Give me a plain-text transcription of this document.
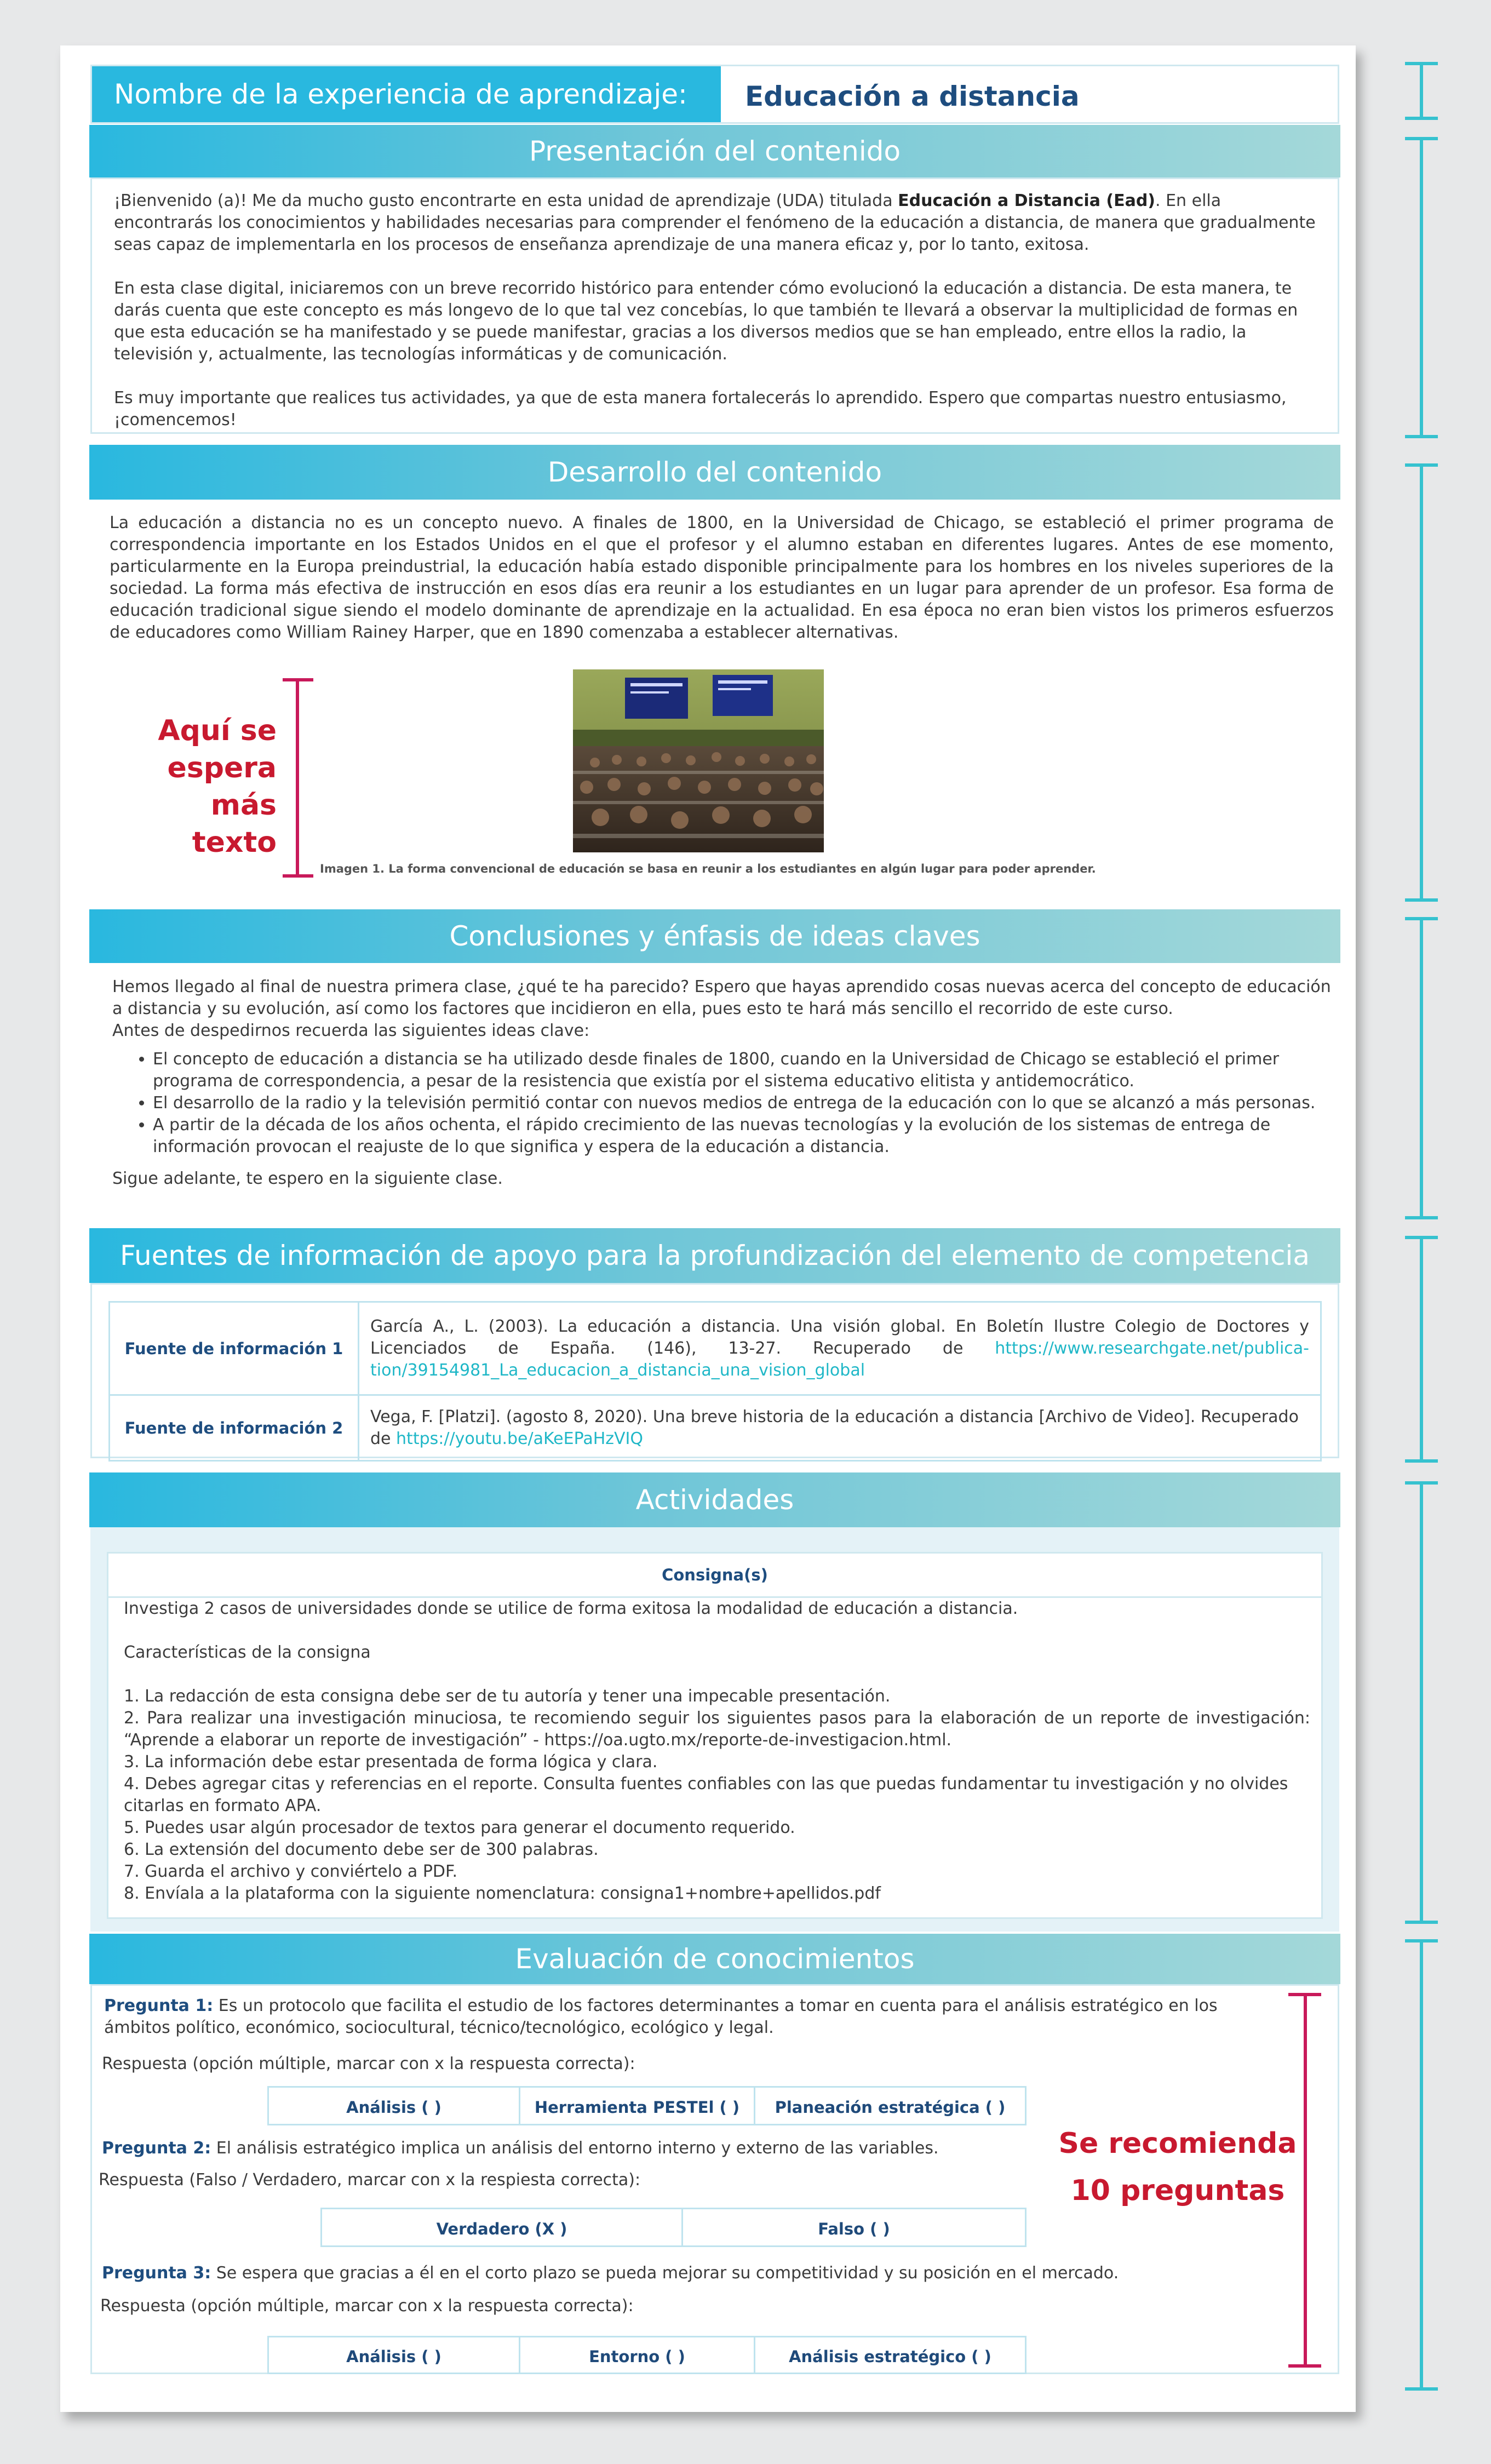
Nombre de la experiencia de aprendizaje:	Educación a distancia
Presentación del contenido

¡Bienvenido (a)! Me da mucho gusto encontrarte en esta unidad de aprendizaje (UDA) titulada Educación a Distancia (Ead). En ella encontrarás los conocimientos y habilidades necesarias para comprender el fenómeno de la educación a distancia, de manera que gradualmente seas capaz de implementarla en los procesos de enseñanza aprendizaje de una manera eficaz y, por lo tanto, exitosa.

En esta clase digital, iniciaremos con un breve recorrido histórico para entender cómo evolucionó la educación a distancia. De esta manera, te darás cuenta que este concepto es más longevo de lo que tal vez concebías, lo que también te llevará a observar la multiplicidad de formas en que esta educación se ha manifestado y se puede manifestar, gracias a los diversos medios que se han empleado, entre ellos la radio, la televisión y, actualmente, las tecnologías informáticas y de comunicación.

Es muy importante que realices tus actividades, ya que de esta manera fortalecerás lo aprendido. Espero que compartas nuestro entusiasmo, ¡comencemos!

Desarrollo del contenido

La educación a distancia no es un concepto nuevo. A finales de 1800, en la Universidad de Chicago, se estableció el primer programa de correspondencia importante en los Estados Unidos en el que el profesor y el alumno estaban en diferentes lugares. Antes de ese momento, particularmente en la Europa preindustrial, la educación había estado disponible principalmente para los hombres en los niveles superiores de la sociedad. La forma más efectiva de instrucción en esos días era reunir a los estudiantes en un lugar para aprender de un profesor. Esa forma de educación tradicional sigue siendo el modelo dominante de aprendizaje en la actualidad. En esa época no eran bien vistos los primeros esfuerzos de educadores como William Rainey Harper, que en 1890 comenzaba a establecer alternativas.

Imagen 1. La forma convencional de educación se basa en reunir a los estudiantes en algún lugar para poder aprender.
Aquí se espera más texto
Conclusiones y énfasis de ideas claves

Hemos llegado al final de nuestra primera clase, ¿qué te ha parecido? Espero que hayas aprendido cosas nuevas acerca del concepto de educación a distancia y su evolución, así como los factores que incidieron en ella, pues esto te hará más sencillo el recorrido de este curso.

Antes de despedirnos recuerda las siguientes ideas clave:

• El concepto de educación a distancia se ha utilizado desde finales de 1800, cuando en la Universidad de Chicago se estableció el primer programa de correspondencia, a pesar de la resistencia que existía por el sistema educativo elitista y antidemocrático.
• El desarrollo de la radio y la televisión permitió contar con nuevos medios de entrega de la educación con lo que se alcanzó a más personas.
• A partir de la década de los años ochenta, el rápido crecimiento de las nuevas tecnologías y la evolución de los sistemas de entrega de información provocan el reajuste de lo que significa y espera de la educación a distancia.

Sigue adelante, te espero en la siguiente clase.

Fuentes de información de apoyo para la profundización del elemento de competencia
Fuente de información 1	García A., L. (2003). La educación a distancia. Una visión global. En Boletín Ilustre Colegio de Doctores y Licenciados de España. (146), 13-27. Recuperado de https://www.researchgate.net/publica-tion/39154981_La_educacion_a_distancia_una_vision_global
Fuente de información 2	Vega, F. [Platzi]. (agosto 8, 2020). Una breve historia de la educación a distancia [Archivo de Video]. Recuperado de https://youtu.be/aKeEPaHzVIQ
Actividades
Consigna(s)

Investiga 2 casos de universidades donde se utilice de forma exitosa la modalidad de educación a distancia.

Características de la consigna

1. La redacción de esta consigna debe ser de tu autoría y tener una impecable presentación.
2. Para realizar una investigación minuciosa, te recomiendo seguir los siguientes pasos para la elaboración de un reporte de investigación: “Aprende a elaborar un reporte de investigación” - https://oa.ugto.mx/reporte-de-investigacion.html.
3. La información debe estar presentada de forma lógica y clara.
4. Debes agregar citas y referencias en el reporte. Consulta fuentes confiables con las que puedas fundamentar tu investigación y no olvides citarlas en formato APA.
5. Puedes usar algún procesador de textos para generar el documento requerido.
6. La extensión del documento debe ser de 300 palabras.
7. Guarda el archivo y conviértelo a PDF.
8. Envíala a la plataforma con la siguiente nomenclatura: consigna1+nombre+apellidos.pdf
Evaluación de conocimientos
Pregunta 1: Es un protocolo que facilita el estudio de los factores determinantes a tomar en cuenta para el análisis estratégico en los ámbitos político, económico, sociocultural, técnico/tecnológico, ecológico y legal.
Respuesta (opción múltiple, marcar con x la respuesta correcta):
Análisis ( )	Herramienta PESTEl ( )	Planeación estratégica ( )
Pregunta 2: El análisis estratégico implica un análisis del entorno interno y externo de las variables.
Respuesta (Falso / Verdadero, marcar con x la respiesta correcta):
Verdadero (X )	Falso ( )
Pregunta 3: Se espera que gracias a él en el corto plazo se pueda mejorar su competitividad y su posición en el mercado.
Respuesta (opción múltiple, marcar con x la respuesta correcta):
Análisis ( )	Entorno ( )	Análisis estratégico ( )
Se recomienda 10 preguntas
